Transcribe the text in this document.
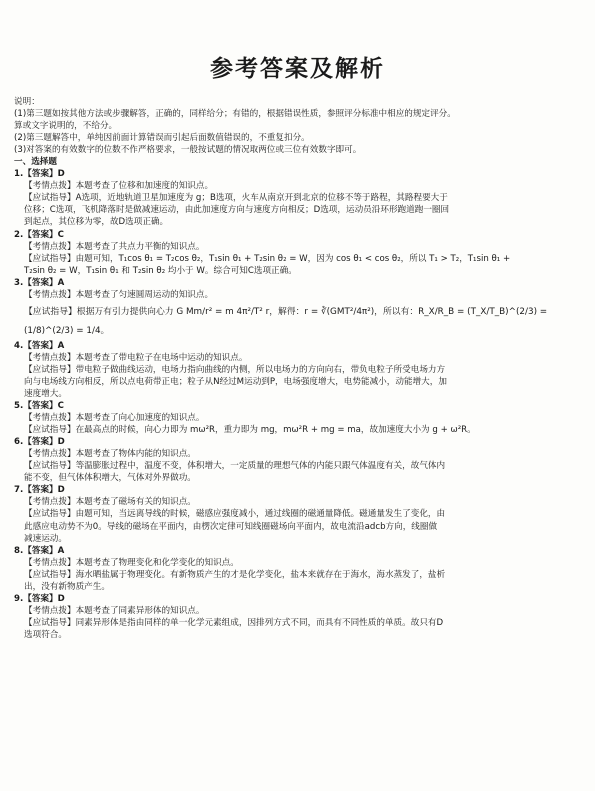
参考答案及解析
说明：
(1)第三题如按其他方法或步骤解答，正确的，同样给分；有错的，根据错误性质，参照评分标准中相应的规定评分。
算或文字说明的，不给分。
(2)第三题解答中，单纯因前面计算错误而引起后面数值错误的，不重复扣分。
(3)对答案的有效数字的位数不作严格要求，一般按试题的情况取两位或三位有效数字即可。
一、选择题
1.【答案】D
【考情点拨】本题考查了位移和加速度的知识点。
【应试指导】A选项，近地轨道卫星加速度为 g；B选项，火车从南京开到北京的位移不等于路程，其路程要大于
位移；C选项，飞机降落时是做减速运动，由此加速度方向与速度方向相反；D选项，运动员沿环形跑道跑一圈回
到起点，其位移为零，故D选项正确。
2.【答案】C
【考情点拨】本题考查了共点力平衡的知识点。
【应试指导】由题可知，T₁cos θ₁ = T₂cos θ₂，T₁sin θ₁ + T₂sin θ₂ = W，因为 cos θ₁ < cos θ₂，所以 T₁ > T₂，T₁sin θ₁ +
T₂sin θ₂ = W，T₁sin θ₁ 和 T₂sin θ₂ 均小于 W。综合可知C选项正确。
3.【答案】A
【考情点拨】本题考查了匀速圆周运动的知识点。
【应试指导】根据万有引力提供向心力 G Mm/r² = m 4π²/T² r，解得：r = ∛(GMT²/4π²)，所以有：R_X/R_B = (T_X/T_B)^(2/3) =
(1/8)^(2/3) = 1/4。
4.【答案】A
【考情点拨】本题考查了带电粒子在电场中运动的知识点。
【应试指导】带电粒子做曲线运动，电场力指向曲线的内侧，所以电场力的方向向右，带负电粒子所受电场力方
向与电场线方向相反，所以点电荷带正电；粒子从N经过M运动到P，电场强度增大，电势能减小，动能增大，加
速度增大。
5.【答案】C
【考情点拨】本题考查了向心加速度的知识点。
【应试指导】在最高点的时候，向心力即为 mω²R，重力即为 mg，mω²R + mg = ma，故加速度大小为 g + ω²R。
6.【答案】D
【考情点拨】本题考查了物体内能的知识点。
【应试指导】等温膨胀过程中，温度不变，体积增大，一定质量的理想气体的内能只跟气体温度有关，故气体内
能不变，但气体体积增大，气体对外界做功。
7.【答案】D
【考情点拨】本题考查了磁场有关的知识点。
【应试指导】由题可知，当远离导线的时候，磁感应强度减小，通过线圈的磁通量降低。磁通量发生了变化，由
此感应电动势不为0。导线的磁场在平面内，由楞次定律可知线圈磁场向平面内，故电流沿adcb方向，线圈做
减速运动。
8.【答案】A
【考情点拨】本题考查了物理变化和化学变化的知识点。
【应试指导】海水晒盐属于物理变化。有新物质产生的才是化学变化，盐本来就存在于海水，海水蒸发了，盐析
出，没有新物质产生。
9.【答案】D
【考情点拨】本题考查了同素异形体的知识点。
【应试指导】同素异形体是指由同样的单一化学元素组成，因排列方式不同，而具有不同性质的单质。故只有D
选项符合。
